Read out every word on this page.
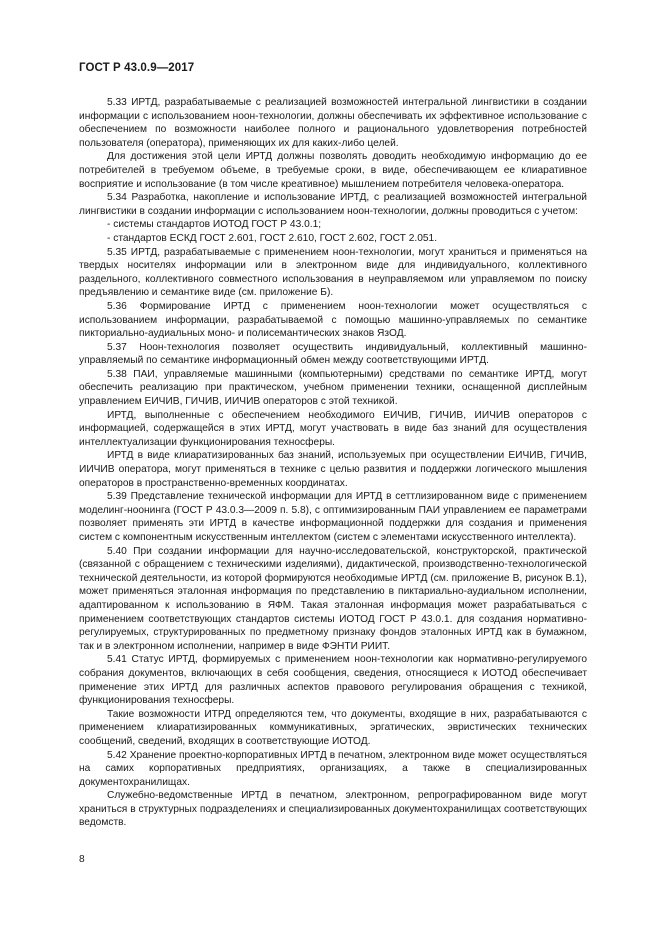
ГОСТ Р 43.0.9—2017

5.33 ИРТД, разрабатываемые с реализацией возможностей интегральной лингвистики в создании информации с использованием ноон-технологии, должны обеспечивать их эффективное использование с обеспечением по возможности наиболее полного и рационального удовлетворения потребностей пользователя (оператора), применяющих их для каких-либо целей.

Для достижения этой цели ИРТД должны позволять доводить необходимую информацию до ее потребителей в требуемом объеме, в требуемые сроки, в виде, обеспечивающем ее клиаративное восприятие и использование (в том числе креативное) мышлением потребителя человека-оператора.

5.34 Разработка, накопление и использование ИРТД, с реализацией возможностей интегральной лингвистики в создании информации с использованием ноон-технологии, должны проводиться с учетом:

- системы стандартов ИОТОД ГОСТ Р 43.0.1;

- стандартов ЕСКД ГОСТ 2.601, ГОСТ 2.610, ГОСТ 2.602, ГОСТ 2.051.

5.35 ИРТД, разрабатываемые с применением ноон-технологии, могут храниться и применяться на твердых носителях информации или в электронном виде для индивидуального, коллективного раздельного, коллективного совместного использования в неуправляемом или управляемом по поиску предъявлению и семантике виде (см. приложение Б).

5.36 Формирование ИРТД с применением ноон-технологии может осуществляться с использованием информации, разрабатываемой с помощью машинно-управляемых по семантике пикториально-аудиальных моно- и полисемантических знаков ЯзОД.

5.37 Ноон-технология позволяет осуществить индивидуальный, коллективный машинно-управляемый по семантике информационный обмен между соответствующими ИРТД.

5.38 ПАИ, управляемые машинными (компьютерными) средствами по семантике ИРТД, могут обеспечить реализацию при практическом, учебном применении техники, оснащенной дисплейным управлением ЕИЧИВ, ГИЧИВ, ИИЧИВ операторов с этой техникой.

ИРТД, выполненные с обеспечением необходимого ЕИЧИВ, ГИЧИВ, ИИЧИВ операторов с информацией, содержащейся в этих ИРТД, могут участвовать в виде баз знаний для осуществления интеллектуализации функционирования техносферы.

ИРТД в виде клиаратизированных баз знаний, используемых при осуществлении ЕИЧИВ, ГИЧИВ, ИИЧИВ оператора, могут применяться в технике с целью развития и поддержки логического мышления операторов в пространственно-временных координатах.

5.39 Представление технической информации для ИРТД в сеттлизированном виде с применением моделинг-ноонинга (ГОСТ Р 43.0.3—2009 п. 5.8), с оптимизированным ПАИ управлением ее параметрами позволяет применять эти ИРТД в качестве информационной поддержки для создания и применения систем с компонентным искусственным интеллектом (систем с элементами искусственного интеллекта).

5.40 При создании информации для научно-исследовательской, конструкторской, практической (связанной с обращением с техническими изделиями), дидактической, производственно-технологической технической деятельности, из которой формируются необходимые ИРТД (см. приложение В, рисунок В.1), может применяться эталонная информация по представлению в пиктариально-аудиальном исполнении, адаптированном к использованию в ЯФМ. Такая эталонная информация может разрабатываться с применением соответствующих стандартов системы ИОТОД ГОСТ Р 43.0.1. для создания нормативно-регулируемых, структурированных по предметному признаку фондов эталонных ИРТД как в бумажном, так и в электронном исполнении, например в виде ФЭНТИ РИИТ.

5.41 Статус ИРТД, формируемых с применением ноон-технологии как нормативно-регулируемого собрания документов, включающих в себя сообщения, сведения, относящиеся к ИОТОД обеспечивает применение этих ИРТД для различных аспектов правового регулирования обращения с техникой, функционирования техносферы.

Такие возможности ИТРД определяются тем, что документы, входящие в них, разрабатываются с применением клиаратизированных коммуникативных, эргатических, эвристических технических сообщений, сведений, входящих в соответствующие ИОТОД.

5.42 Хранение проектно-корпоративных ИРТД в печатном, электронном виде может осуществляться на самих корпоративных предприятиях, организациях, а также в специализированных документохранилищах.

Служебно-ведомственные ИРТД в печатном, электронном, репрографированном виде могут храниться в структурных подразделениях и специализированных документохранилищах соответствующих ведомств.

8
